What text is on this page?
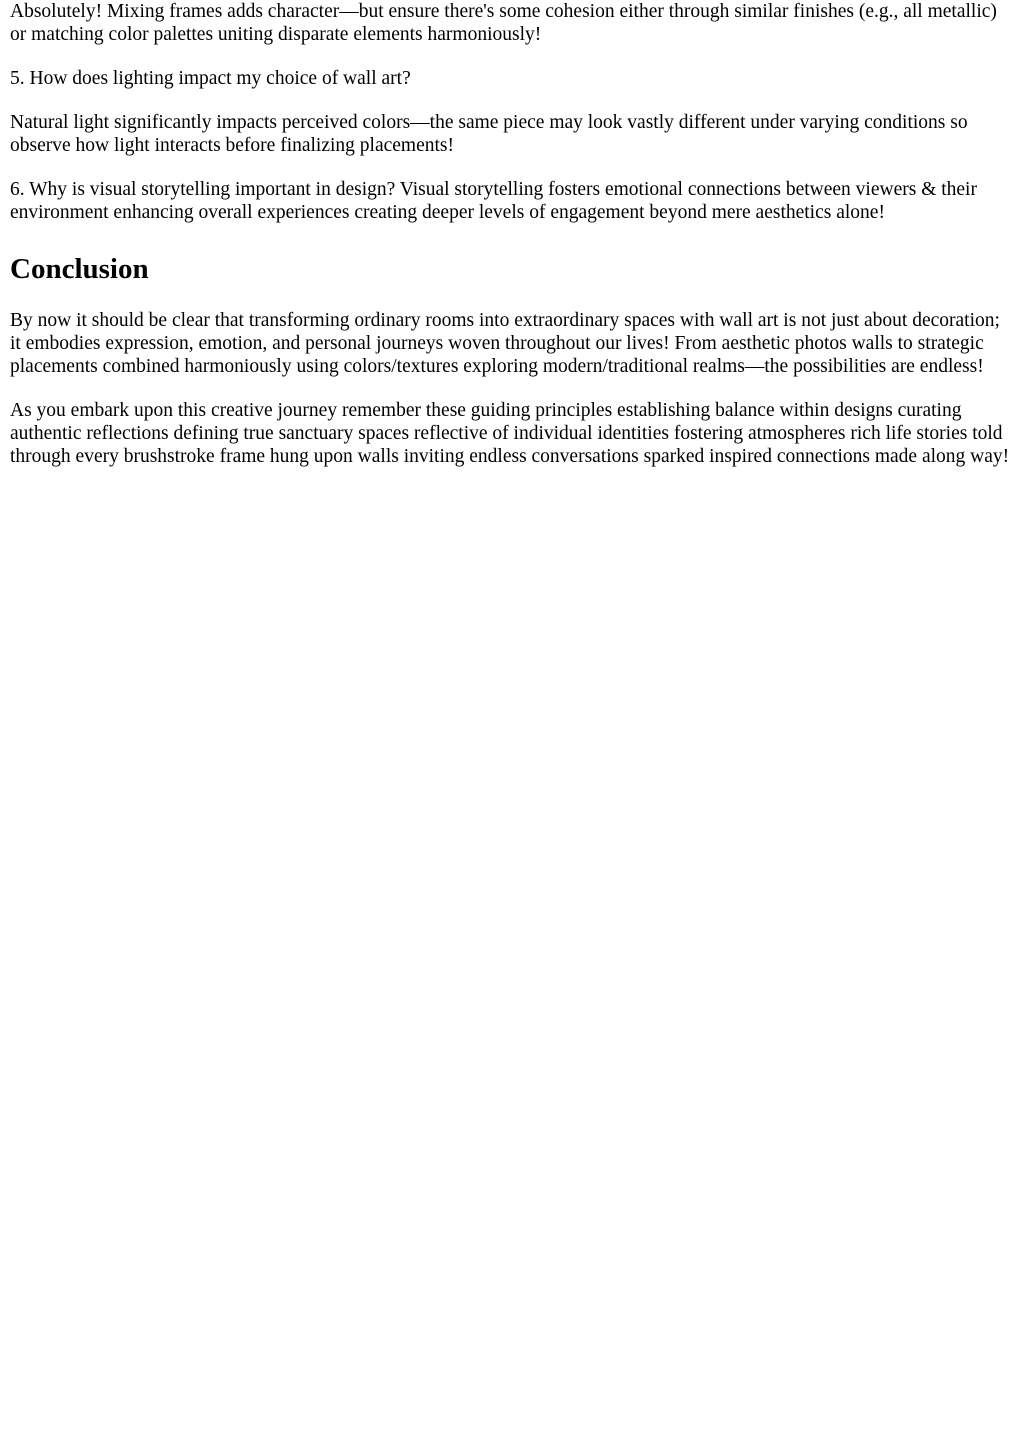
Absolutely! Mixing frames adds character—but ensure there's some cohesion either through similar finishes (e.g., all metallic) or matching color palettes uniting disparate elements harmoniously!

5. How does lighting impact my choice of wall art?

Natural light significantly impacts perceived colors—the same piece may look vastly different under varying conditions so observe how light interacts before finalizing placements!

6. Why is visual storytelling important in design? Visual storytelling fosters emotional connections between viewers & their environment enhancing overall experiences creating deeper levels of engagement beyond mere aesthetics alone!

Conclusion

By now it should be clear that transforming ordinary rooms into extraordinary spaces with wall art is not just about decoration; it embodies expression, emotion, and personal journeys woven throughout our lives! From aesthetic photos walls to strategic placements combined harmoniously using colors/textures exploring modern/traditional realms—the possibilities are endless!

As you embark upon this creative journey remember these guiding principles establishing balance within designs curating authentic reflections defining true sanctuary spaces reflective of individual identities fostering atmospheres rich life stories told through every brushstroke frame hung upon walls inviting endless conversations sparked inspired connections made along way!
